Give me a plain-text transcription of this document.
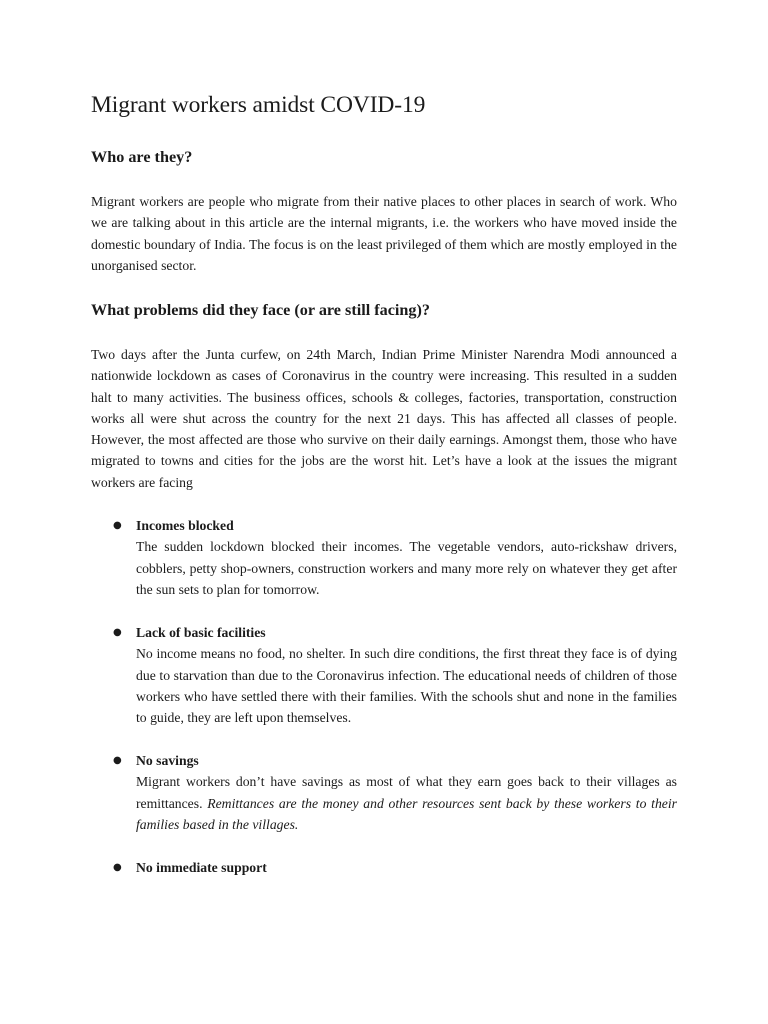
Migrant workers amidst COVID-19
Who are they?

Migrant workers are people who migrate from their native places to other places in search of work. Who we are talking about in this article are the internal migrants, i.e. the workers who have moved inside the domestic boundary of India. The focus is on the least privileged of them which are mostly employed in the unorganised sector.

What problems did they face (or are still facing)?

Two days after the Junta curfew, on 24th March, Indian Prime Minister Narendra Modi announced a nationwide lockdown as cases of Coronavirus in the country were increasing. This resulted in a sudden halt to many activities. The business offices, schools & colleges, factories, transportation, construction works all were shut across the country for the next 21 days. This has affected all classes of people. However, the most affected are those who survive on their daily earnings. Amongst them, those who have migrated to towns and cities for the jobs are the worst hit. Let’s have a look at the issues the migrant workers are facing

● Incomes blocked

The sudden lockdown blocked their incomes. The vegetable vendors, auto-rickshaw drivers, cobblers, petty shop-owners, construction workers and many more rely on whatever they get after the sun sets to plan for tomorrow.

● Lack of basic facilities

No income means no food, no shelter. In such dire conditions, the first threat they face is of dying due to starvation than due to the Coronavirus infection. The educational needs of children of those workers who have settled there with their families. With the schools shut and none in the families to guide, they are left upon themselves.

● No savings

Migrant workers don’t have savings as most of what they earn goes back to their villages as remittances. Remittances are the money and other resources sent back by these workers to their families based in the villages.

● No immediate support
